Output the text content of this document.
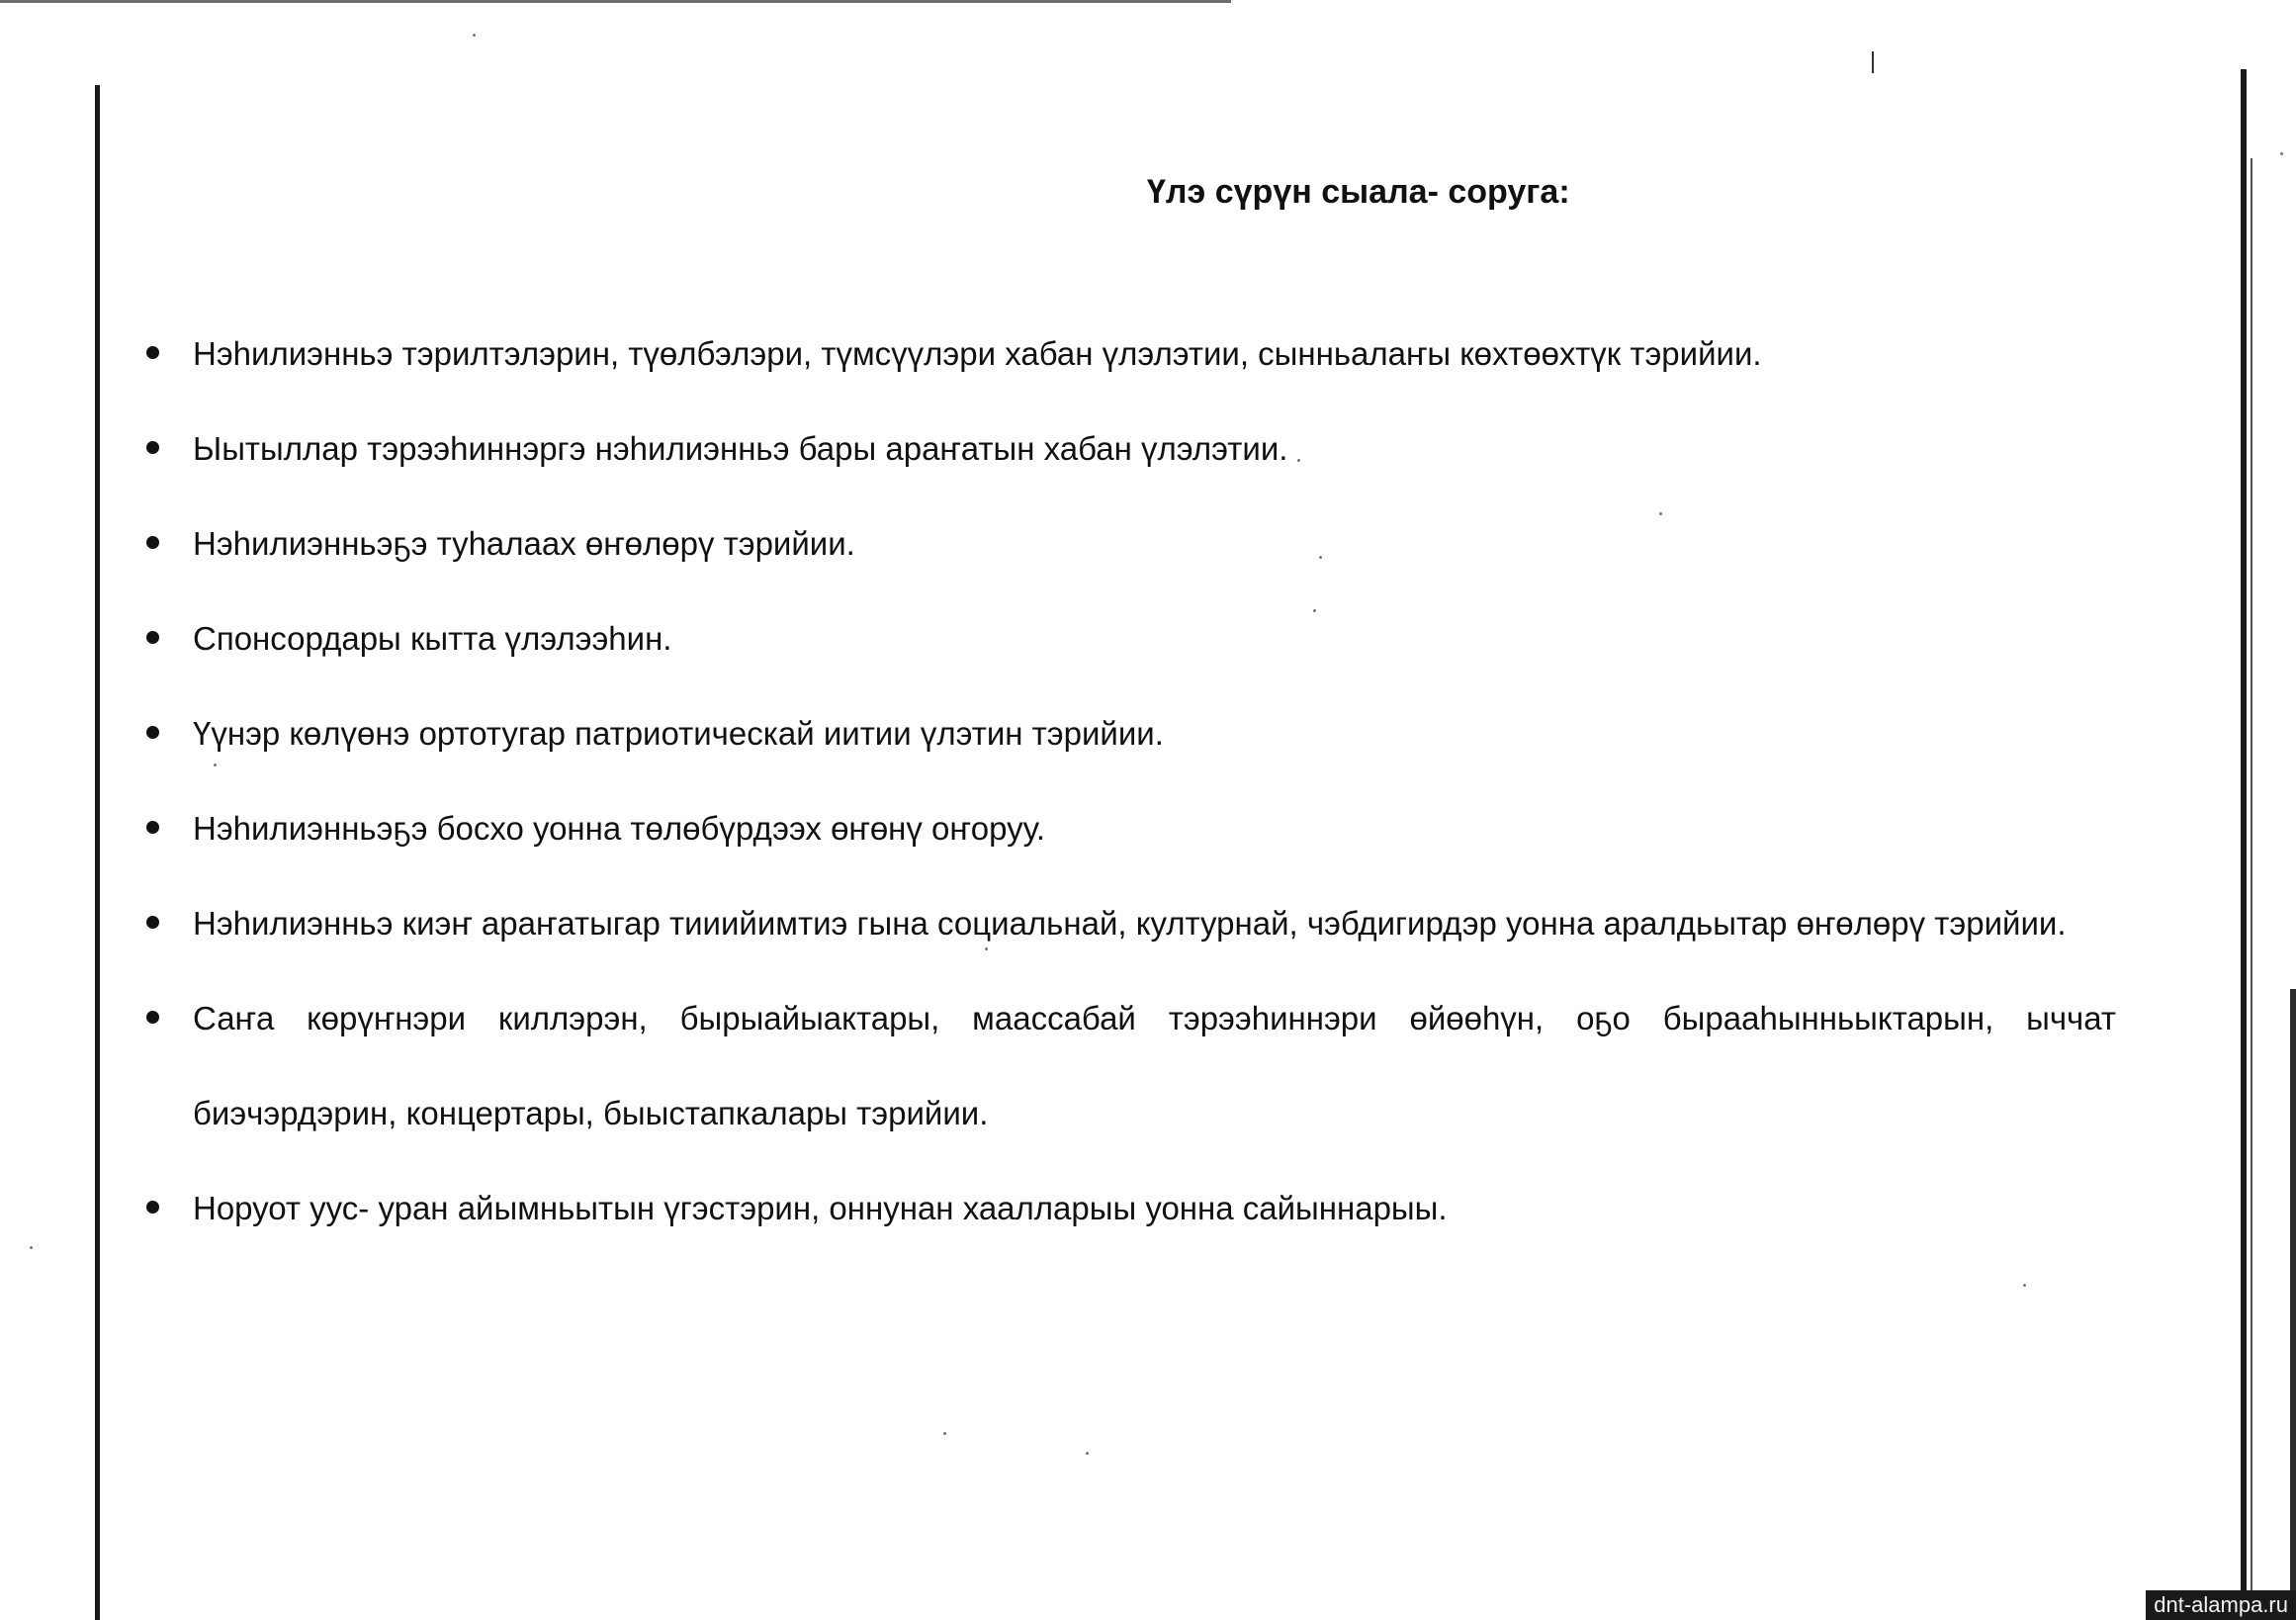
Үлэ сүрүн сыала- соруга:
Нэһилиэнньэ тэрилтэлэрин, түөлбэлэри, түмсүүлэри хабан үлэлэтии, сынньалаҥы көхтөөхтүк тэрийии.
Ыытыллар тэрээһиннэргэ нэһилиэнньэ бары араҥатын хабан үлэлэтии.
Нэһилиэнньэҕэ туһалаах өҥөлөрү тэрийии.
Спонсордары кытта үлэлээһин.
Үүнэр көлүөнэ ортотугар патриотическай иитии үлэтин тэрийии.
Нэһилиэнньэҕэ босхо уонна төлөбүрдээх өҥөнү оҥоруу.
Нэһилиэнньэ киэҥ араҥатыгар тииийимтиэ гына социальнай, културнай, чэбдигирдэр уонна аралдьытар өҥөлөрү тэрийии.
Саҥа көрүҥнэри киллэрэн, бырыайыактары, маассабай тэрээһиннэри өйөөһүн, оҕо бырааһынньыктарын, ыччат биэчэрдэрин, концертары, быыстапкалары тэрийии.
Норуот уус- уран айымньытын үгэстэрин, оннунан хаалларыы уонна сайыннарыы.
dnt-alampa.ru
